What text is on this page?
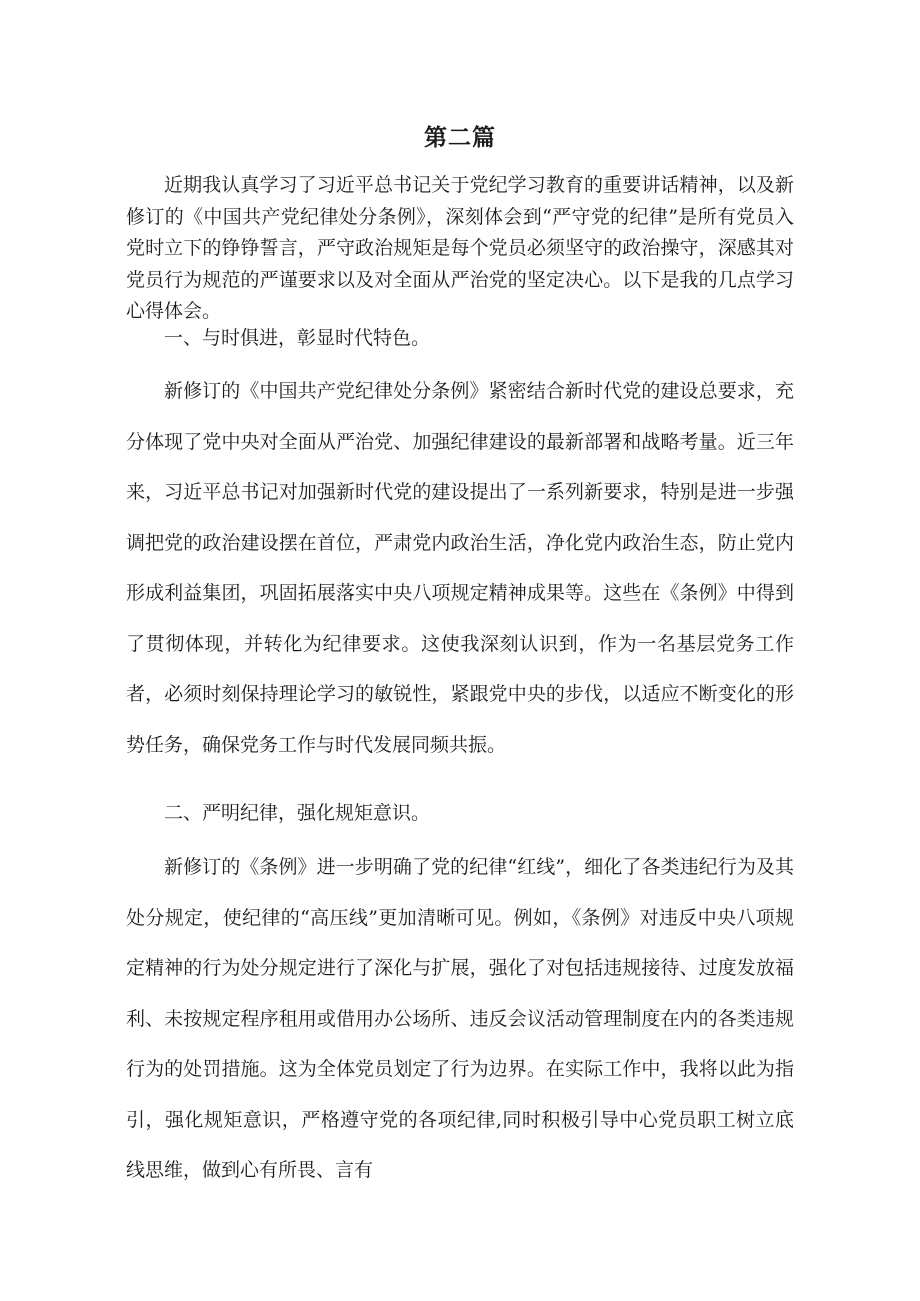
第二篇

近期我认真学习了习近平总书记关于党纪学习教育的重要讲话精神，以及新修订的《中国共产党纪律处分条例》，深刻体会到“严守党的纪律”是所有党员入党时立下的铮铮誓言，严守政治规矩是每个党员必须坚守的政治操守，深感其对党员行为规范的严谨要求以及对全面从严治党的坚定决心。以下是我的几点学习心得体会。

一、与时俱进，彰显时代特色。

新修订的《中国共产党纪律处分条例》紧密结合新时代党的建设总要求，充分体现了党中央对全面从严治党、加强纪律建设的最新部署和战略考量。近三年来，习近平总书记对加强新时代党的建设提出了一系列新要求，特别是进一步强调把党的政治建设摆在首位，严肃党内政治生活，净化党内政治生态，防止党内形成利益集团，巩固拓展落实中央八项规定精神成果等。这些在《条例》中得到了贯彻体现，并转化为纪律要求。这使我深刻认识到，作为一名基层党务工作者，必须时刻保持理论学习的敏锐性，紧跟党中央的步伐，以适应不断变化的形势任务，确保党务工作与时代发展同频共振。

二、严明纪律，强化规矩意识。

新修订的《条例》进一步明确了党的纪律“红线”，细化了各类违纪行为及其处分规定，使纪律的“高压线”更加清晰可见。例如，《条例》对违反中央八项规定精神的行为处分规定进行了深化与扩展，强化了对包括违规接待、过度发放福利、未按规定程序租用或借用办公场所、违反会议活动管理制度在内的各类违规行为的处罚措施。这为全体党员划定了行为边界。在实际工作中，我将以此为指引，强化规矩意识，严格遵守党的各项纪律,同时积极引导中心党员职工树立底线思维，做到心有所畏、言有
